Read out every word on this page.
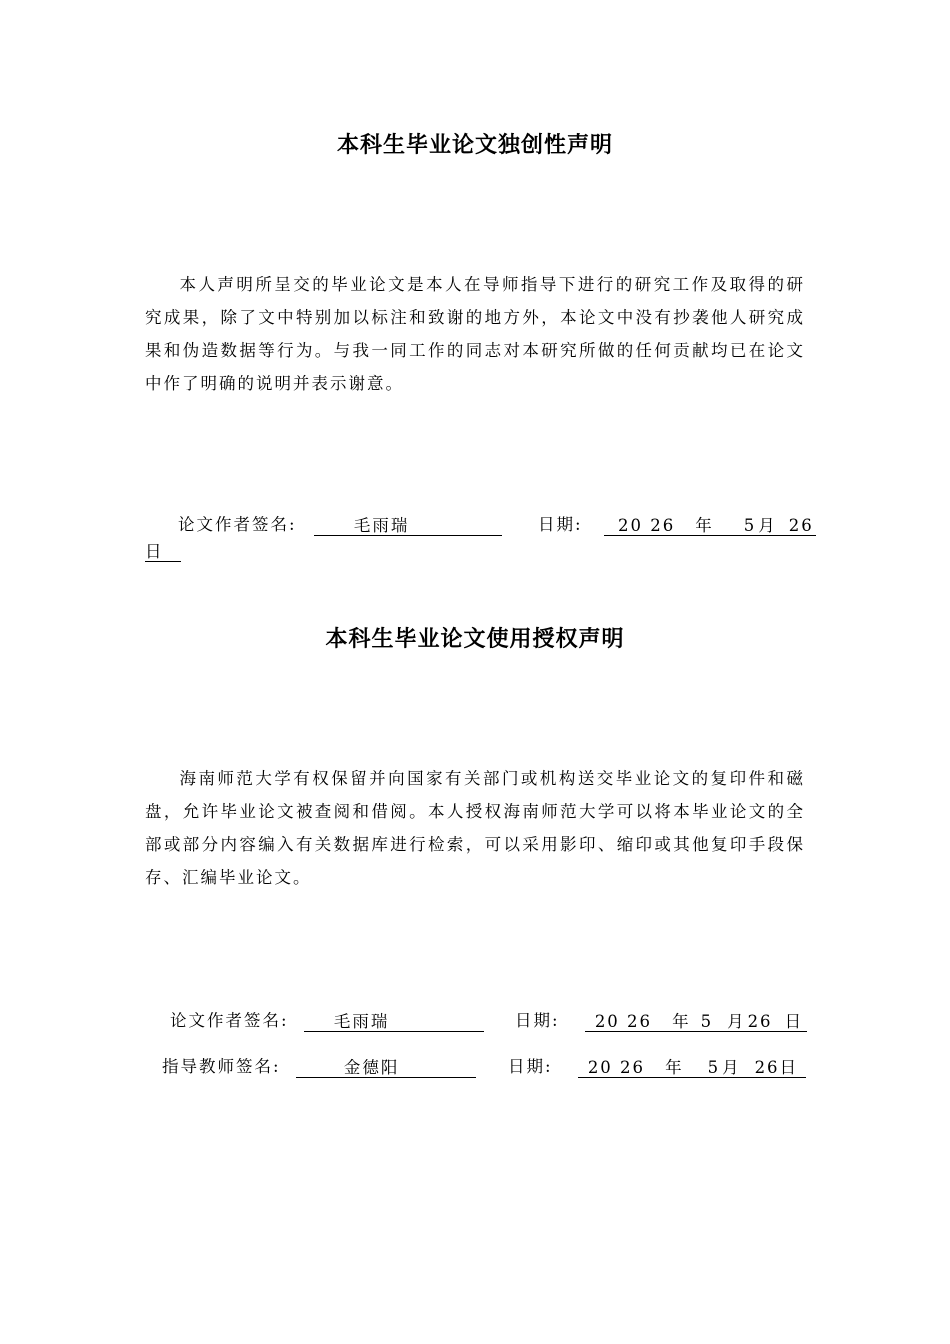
本科生毕业论文独创性声明

本人声明所呈交的毕业论文是本人在导师指导下进行的研究工作及取得的研究成果，除了文中特别加以标注和致谢的地方外，本论文中没有抄袭他人研究成果和伪造数据等行为。与我一同工作的同志对本研究所做的任何贡献均已在论文中作了明确的说明并表示谢意。

论文作者签名:	毛雨瑞	日期:	20 26 年 5 月 26
日
本科生毕业论文使用授权声明

海南师范大学有权保留并向国家有关部门或机构送交毕业论文的复印件和磁盘，允许毕业论文被查阅和借阅。本人授权海南师范大学可以将本毕业论文的全部或部分内容编入有关数据库进行检索，可以采用影印、缩印或其他复印手段保存、汇编毕业论文。

论文作者签名:	毛雨瑞	日期: 20 26 年 5 月 26 日
指导教师签名:	金德阳	日期: 20 26 年 5 月 26日
